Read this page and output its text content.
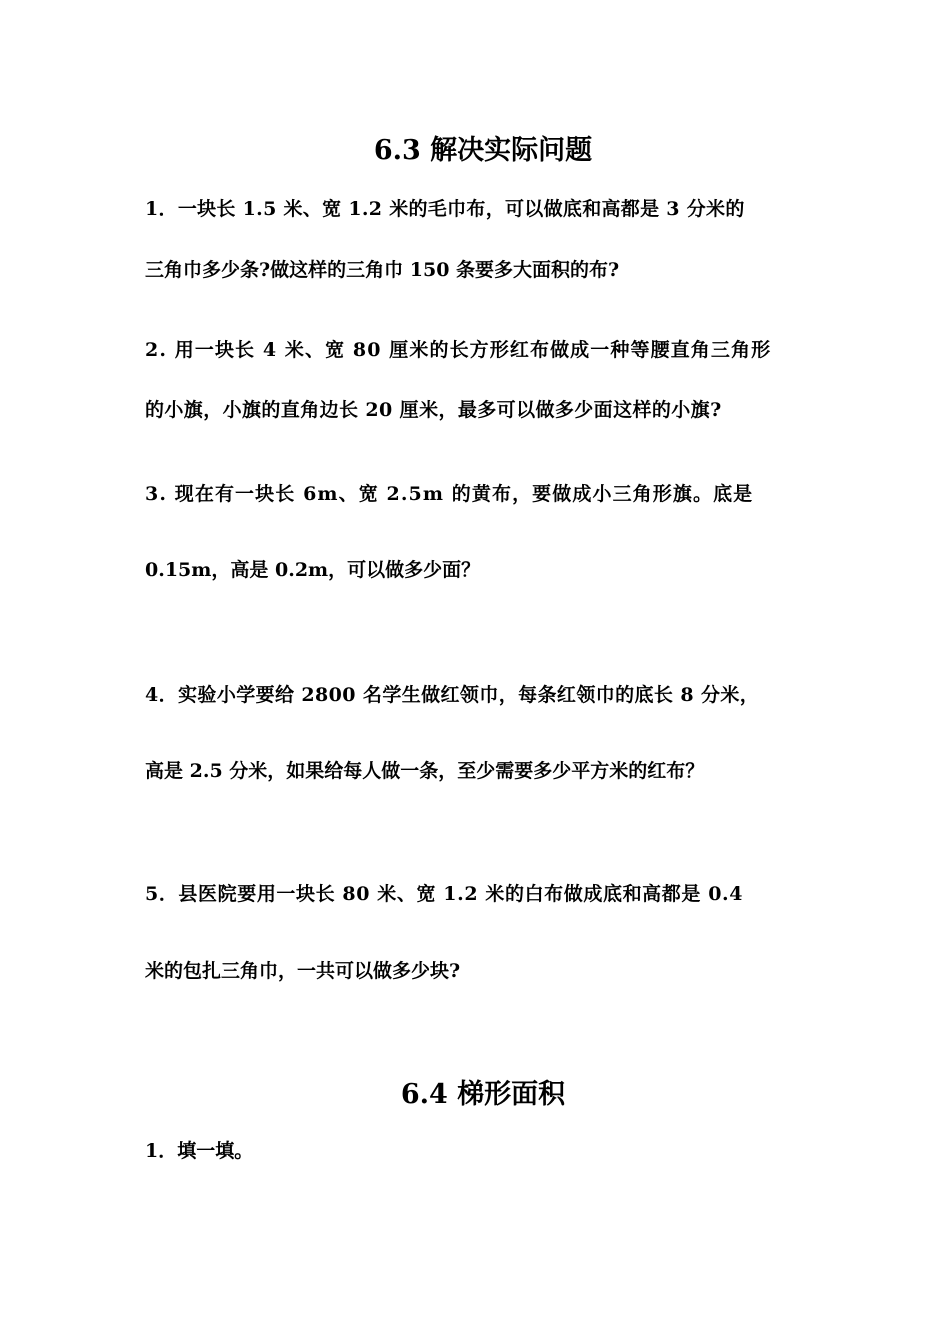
6.3 解决实际问题

1．一块长 1.5 米、宽 1.2 米的毛巾布，可以做底和高都是 3 分米的

三角巾多少条?做这样的三角巾 150 条要多大面积的布?

2. 用一块长 4 米、宽 80 厘米的长方形红布做成一种等腰直角三角形

的小旗，小旗的直角边长 20 厘米，最多可以做多少面这样的小旗?

3. 现在有一块长 6m、宽 2.5m 的黄布，要做成小三角形旗。底是

0.15m，高是 0.2m，可以做多少面？

4．实验小学要给 2800 名学生做红领巾，每条红领巾的底长 8 分米，

高是 2.5 分米，如果给每人做一条，至少需要多少平方米的红布？

5．县医院要用一块长 80 米、宽 1.2 米的白布做成底和高都是 0.4

米的包扎三角巾，一共可以做多少块?

6.4 梯形面积

1．填一填。
